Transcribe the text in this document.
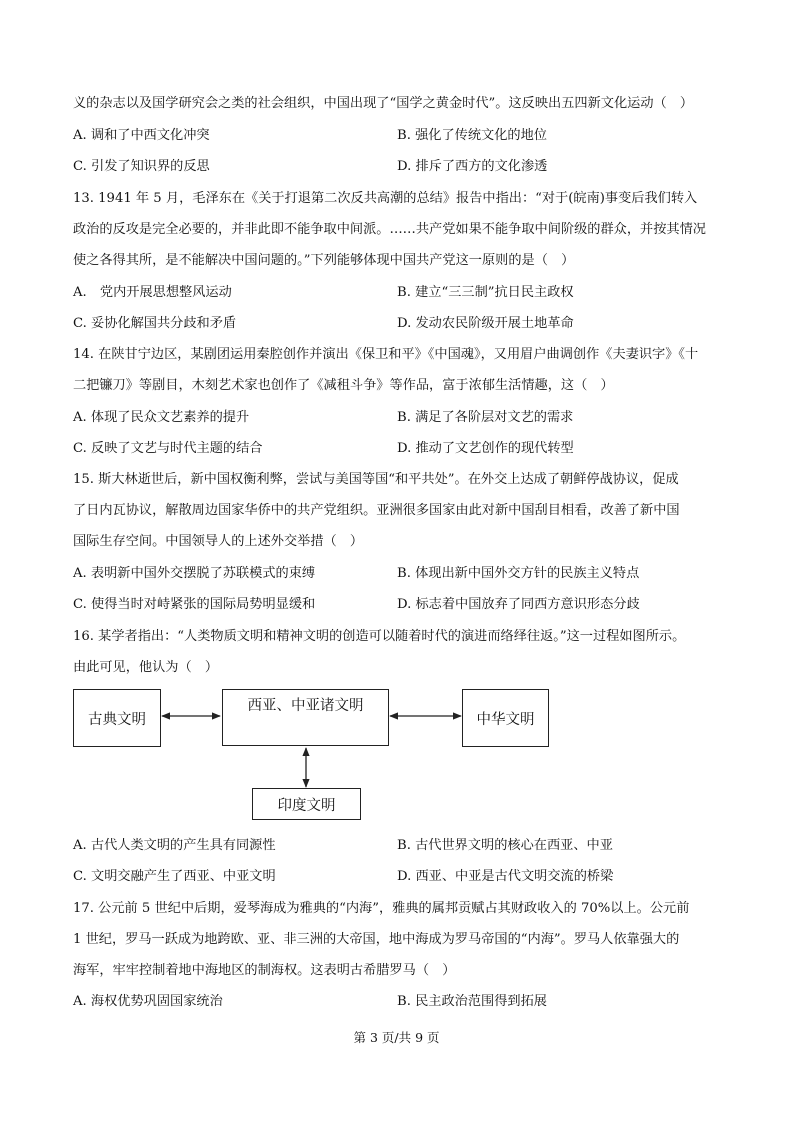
义的杂志以及国学研究会之类的社会组织，中国出现了“国学之黄金时代”。这反映出五四新文化运动（　）
A. 调和了中西文化冲突	B. 强化了传统文化的地位
C. 引发了知识界的反思	D. 排斥了西方的文化渗透
13. 1941 年 5 月，毛泽东在《关于打退第二次反共高潮的总结》报告中指出：“对于(皖南)事变后我们转入
政治的反攻是完全必要的，并非此即不能争取中间派。……共产党如果不能争取中间阶级的群众，并按其情况
使之各得其所，是不能解决中国问题的。”下列能够体现中国共产党这一原则的是（　）
A.　党内开展思想整风运动	B. 建立“三三制”抗日民主政权
C. 妥协化解国共分歧和矛盾	D. 发动农民阶级开展土地革命
14. 在陕甘宁边区，某剧团运用秦腔创作并演出《保卫和平》《中国魂》，又用眉户曲调创作《夫妻识字》《十
二把镰刀》等剧目，木刻艺术家也创作了《减租斗争》等作品，富于浓郁生活情趣，这（　）
A. 体现了民众文艺素养的提升	B. 满足了各阶层对文艺的需求
C. 反映了文艺与时代主题的结合	D. 推动了文艺创作的现代转型
15. 斯大林逝世后，新中国权衡利弊，尝试与美国等国“和平共处”。在外交上达成了朝鲜停战协议，促成
了日内瓦协议，解散周边国家华侨中的共产党组织。亚洲很多国家由此对新中国刮目相看，改善了新中国
国际生存空间。中国领导人的上述外交举措（　）
A. 表明新中国外交摆脱了苏联模式的束缚	B. 体现出新中国外交方针的民族主义特点
C. 使得当时对峙紧张的国际局势明显缓和	D. 标志着中国放弃了同西方意识形态分歧
16. 某学者指出：“人类物质文明和精神文明的创造可以随着时代的演进而络绎往返。”这一过程如图所示。
由此可见，他认为（　）
古典文明
西亚、中亚诸文明
中华文明
印度文明
A. 古代人类文明的产生具有同源性	B. 古代世界文明的核心在西亚、中亚
C. 文明交融产生了西亚、中亚文明	D. 西亚、中亚是古代文明交流的桥梁
17. 公元前 5 世纪中后期，爱琴海成为雅典的“内海”，雅典的属邦贡赋占其财政收入的 70%以上。公元前
1 世纪，罗马一跃成为地跨欧、亚、非三洲的大帝国，地中海成为罗马帝国的“内海”。罗马人依靠强大的
海军，牢牢控制着地中海地区的制海权。这表明古希腊罗马（　）
A. 海权优势巩固国家统治	B. 民主政治范围得到拓展
第 3 页/共 9 页
